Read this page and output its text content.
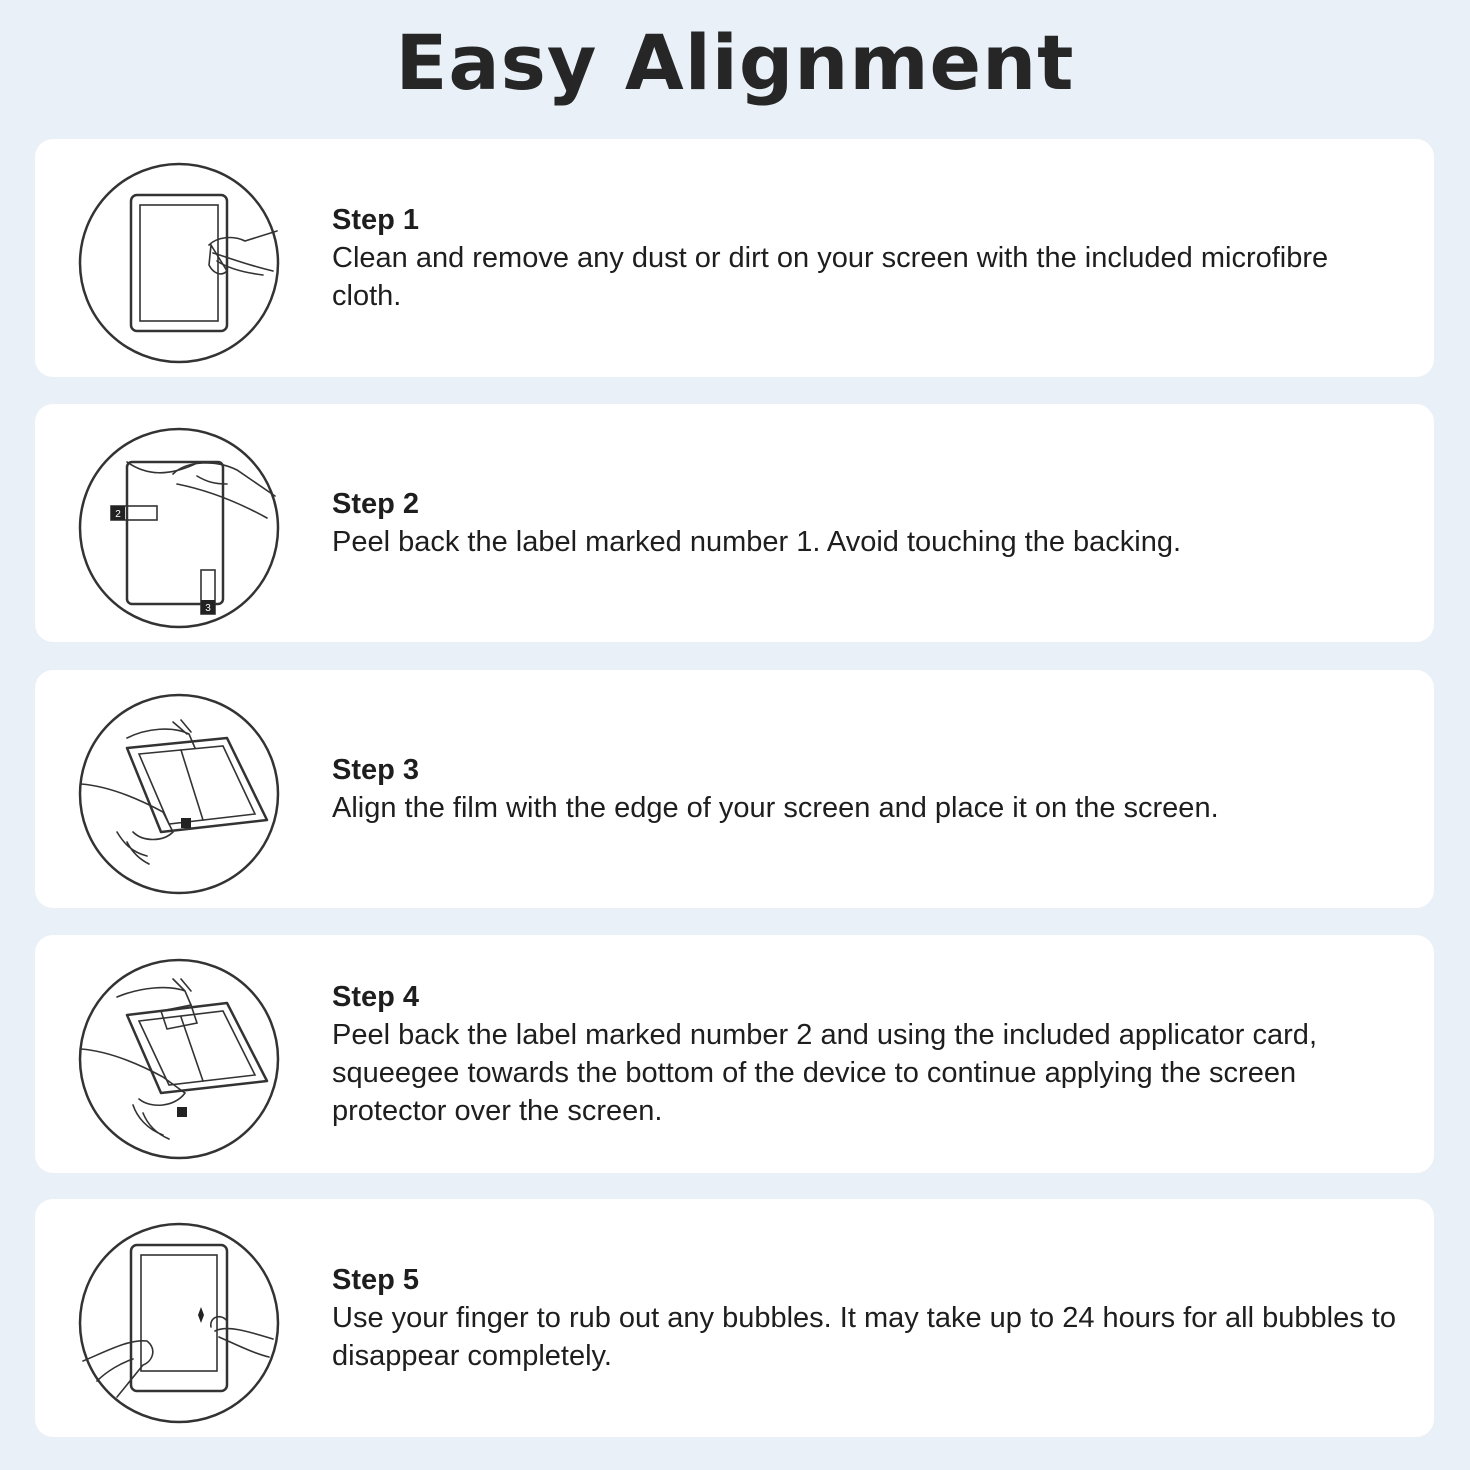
Easy Alignment
Step 1
Clean and remove any dust or dirt on your screen with the included microfibre cloth.
2
3
Step 2
Peel back the label marked number 1. Avoid touching the backing.
Step 3
Align the film with the edge of your screen and place it on the screen.
Step 4
Peel back the label marked number 2 and using the included applicator card, squeegee towards the bottom of the device to continue applying the screen protector over the screen.
Step 5
Use your finger to rub out any bubbles. It may take up to 24 hours for all bubbles to disappear completely.
